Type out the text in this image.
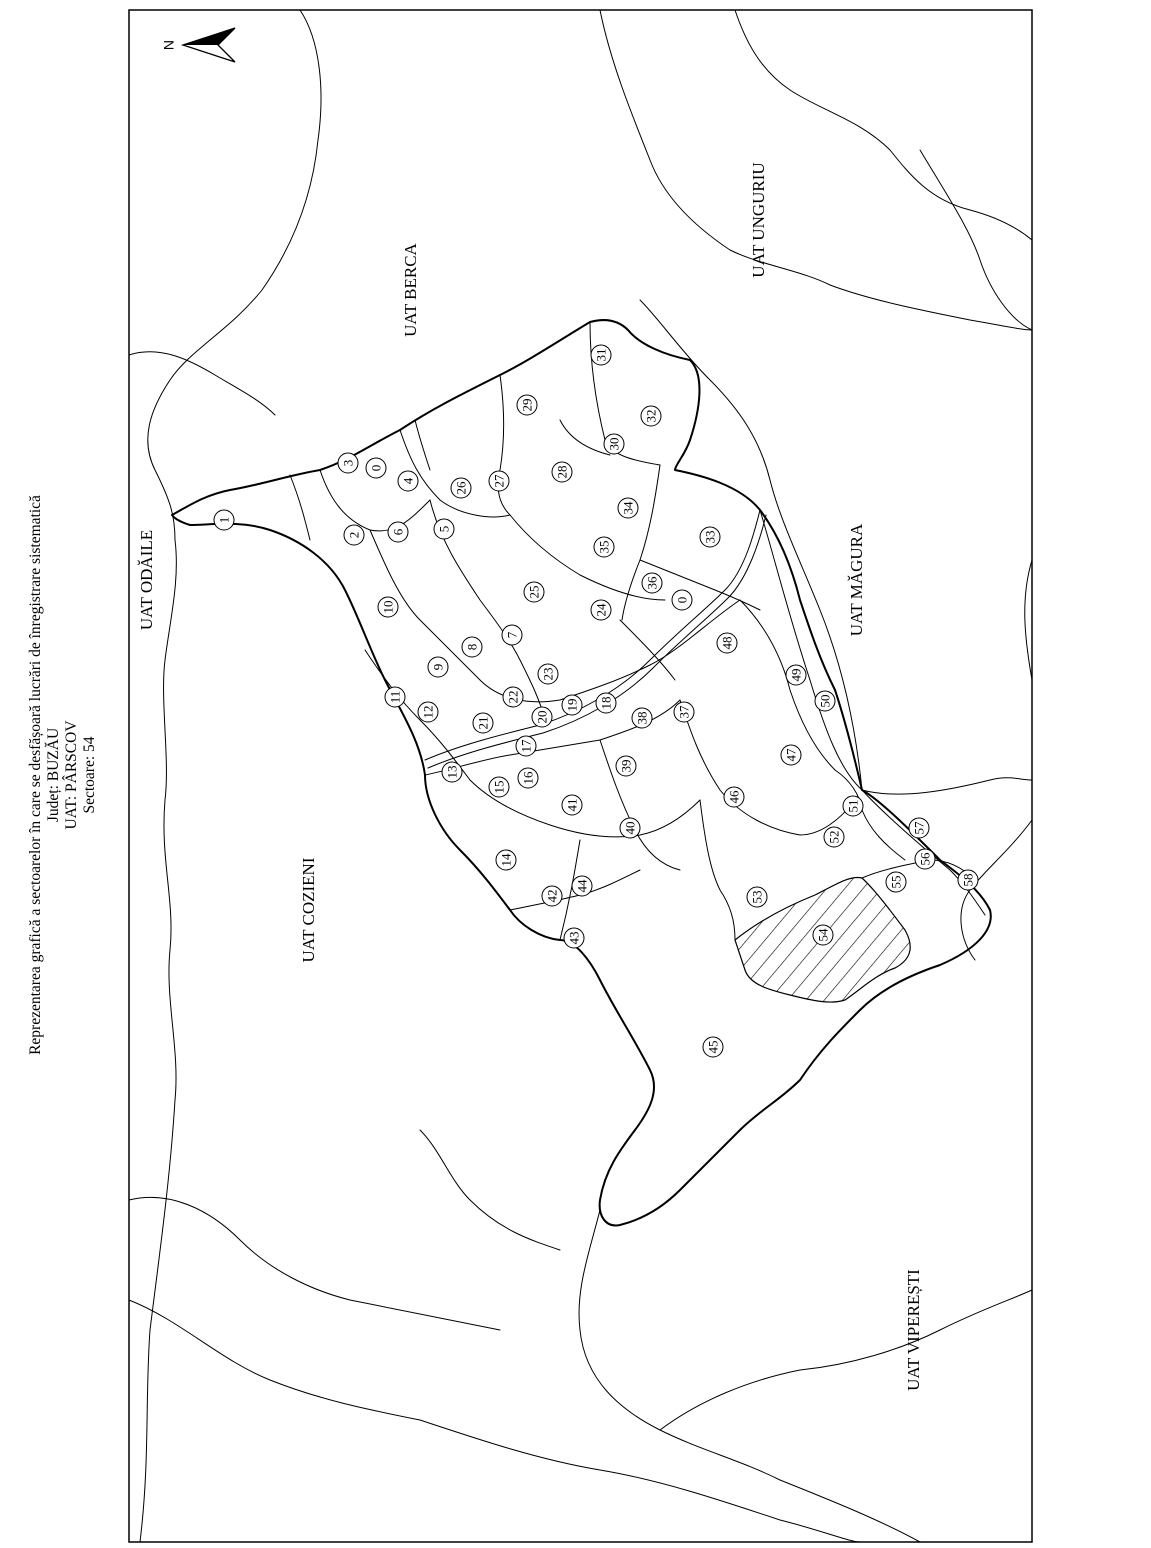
Reprezentarea grafică a sectoarelor în care se desfășoară lucrări de înregistrare sistematică Județ: BUZĂU UAT: PÂRSCOV Sectoare: 54
N
UAT BERCA
UAT UNGURIU
UAT ODĂILE	UAT MĂGURA
UAT COZIENI
UAT VIPEREȘTI
0
0
1
2
3
4
5
6
7
8
9
10
11
12
13
14
15
16
17
18
19
20
21
22
23
24
25
26
27
28
29
30
31
32
33
34
35
36
37
38
39
40
41
42
43
44
45
46
47
48
49
50
51
52
53
54
55
56
57
58
